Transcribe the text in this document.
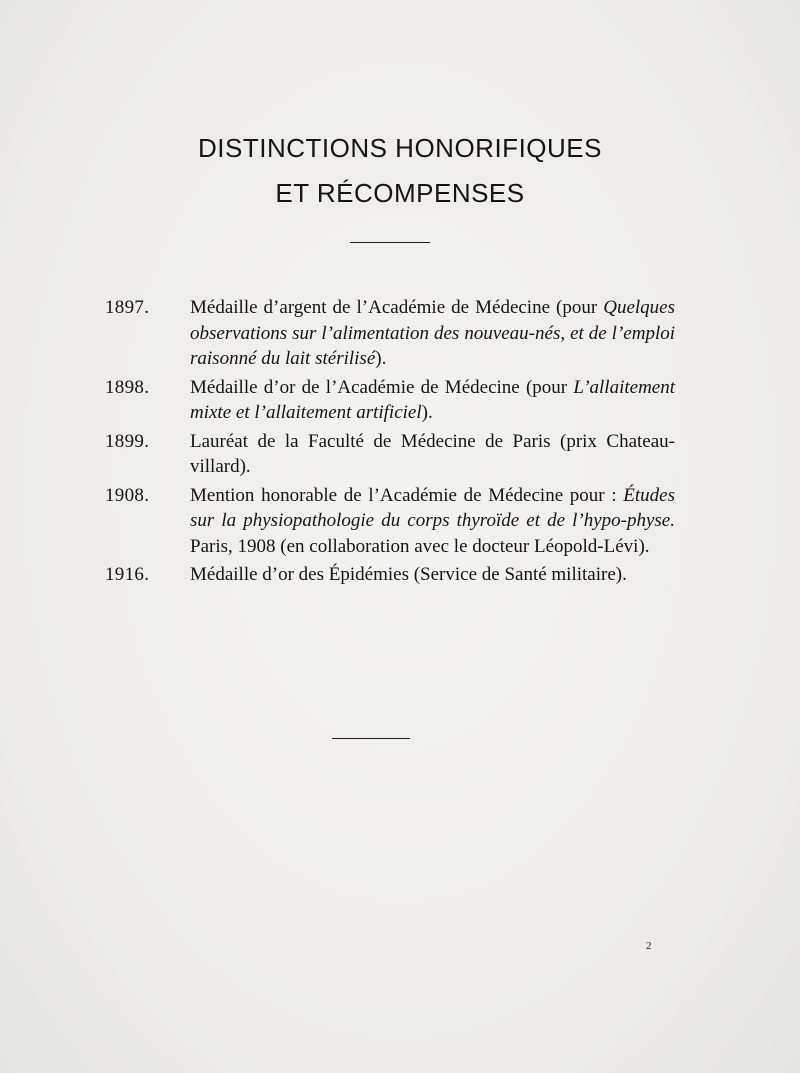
DISTINCTIONS HONORIFIQUES
ET RÉCOMPENSES
1897.	Médaille d’argent de l’Académie de Médecine (pour Quelques observations sur l’alimentation des nouveau-nés, et de l’emploi raisonné du lait stérilisé).
1898.	Médaille d’or de l’Académie de Médecine (pour L’allaitement mixte et l’allaitement artificiel).
1899.	Lauréat de la Faculté de Médecine de Paris (prix Chateau-villard).
1908.	Mention honorable de l’Académie de Médecine pour : Études sur la physiopathologie du corps thyroïde et de l’hypo-physe. Paris, 1908 (en collaboration avec le docteur Léopold-Lévi).
1916.	Médaille d’or des Épidémies (Service de Santé militaire).
2
